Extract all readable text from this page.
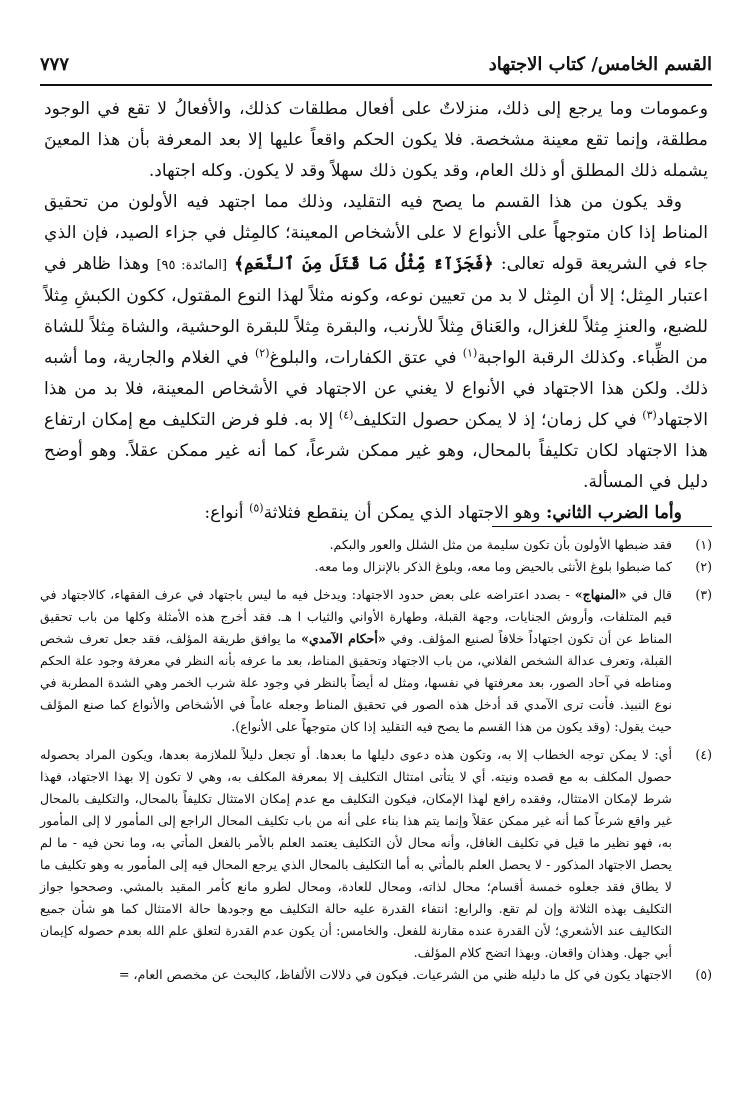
القسم الخامس/ كتاب الاجتهاد
٧٧٧

وعمومات وما يرجع إلى ذلك، منزلاتٌ على أفعال مطلقات كذلك، والأفعالُ لا تقع في الوجود مطلقة، وإنما تقع معينة مشخصة. فلا يكون الحكم واقعاً عليها إلا بعد المعرفة بأن هذا المعينَ يشمله ذلك المطلق أو ذلك العام، وقد يكون ذلك سهلاً وقد لا يكون. وكله اجتهاد.

وقد يكون من هذا القسم ما يصح فيه التقليد، وذلك مما اجتهد فيه الأولون من تحقيق المناط إذا كان متوجهاً على الأنواع لا على الأشخاص المعينة؛ كالمِثل في جزاء الصيد، فإن الذي جاء في الشريعة قوله تعالى: ﴿فَجَزَآءٌ مِّثْلُ مَا قَتَلَ مِنَ ٱلنَّعَمِ﴾ [المائدة: ٩٥] وهذا ظاهر في اعتبار المِثل؛ إلا أن المِثل لا بد من تعيين نوعه، وكونه مثلاً لهذا النوع المقتول، ككون الكبشِ مِثلاً للضبع، والعنزِ مِثلاً للغزال، والعَناق مِثلاً للأرنب، والبقرة مِثلاً للبقرة الوحشية، والشاة مِثلاً للشاة من الظِّباء. وكذلك الرقبة الواجبة$^{(١)}$ في عتق الكفارات، والبلوغ$^{(٢)}$ في الغلام والجارية، وما أشبه ذلك. ولكن هذا الاجتهاد في الأنواع لا يغني عن الاجتهاد في الأشخاص المعينة، فلا بد من هذا الاجتهاد$^{(٣)}$ في كل زمان؛ إذ لا يمكن حصول التكليف$^{(٤)}$ إلا به. فلو فرض التكليف مع إمكان ارتفاع هذا الاجتهاد لكان تكليفاً بالمحال، وهو غير ممكن شرعاً، كما أنه غير ممكن عقلاً. وهو أوضح دليل في المسألة.

وأما الضرب الثاني: وهو الاجتهاد الذي يمكن أن ينقطع فثلاثة$^{(٥)}$ أنواع:

(١)
فقد ضبطها الأولون بأن تكون سليمة من مثل الشلل والعور والبكم.
(٢)
كما ضبطوا بلوغ الأنثى بالحيض وما معه، وبلوغ الذكر بالإنزال وما معه.
(٣)
قال في «المنهاج» - بصدد اعتراضه على بعض حدود الاجتهاد: ويدخل فيه ما ليس باجتهاد في عرف الفقهاء، كالاجتهاد في قيم المتلفات، وأروش الجنايات، وجهة القبلة، وطهارة الأواني والثياب ا هـ. فقد أخرج هذه الأمثلة وكلها من باب تحقيق المناط عن أن تكون اجتهاداً خلافاً لصنيع المؤلف. وفي «أحكام الآمدي» ما يوافق طريقة المؤلف، فقد جعل تعرف شخص القبلة، وتعرف عدالة الشخص الفلاني، من باب الاجتهاد وتحقيق المناط، بعد ما عرفه بأنه النظر في معرفة وجود علة الحكم ومناطه في آحاد الصور، بعد معرفتها في نفسها، ومثل له أيضاً بالنظر في وجود علة شرب الخمر وهي الشدة المطربة في نوع النبيذ. فأنت ترى الآمدي قد أدخل هذه الصور في تحقيق المناط وجعله عاماً في الأشخاص والأنواع كما صنع المؤلف حيث يقول: (وقد يكون من هذا القسم ما يصح فيه التقليد إذا كان متوجهاً على الأنواع).
(٤)
أي: لا يمكن توجه الخطاب إلا به، وتكون هذه دعوى دليلها ما بعدها. أو تجعل دليلاً للملازمة بعدها، ويكون المراد بحصوله حصول المكلف به مع قصده ونيته. أي لا يتأتى امتثال التكليف إلا بمعرفة المكلف به، وهي لا تكون إلا بهذا الاجتهاد، فهذا شرط لإمكان الامتثال، وفقده رافع لهذا الإمكان، فيكون التكليف مع عدم إمكان الامتثال تكليفاً بالمحال، والتكليف بالمحال غير واقع شرعاً كما أنه غير ممكن عقلاً وإنما يتم هذا بناء على أنه من باب تكليف المحال الراجع إلى المأمور لا إلى المأمور به، فهو نظير ما قيل في تكليف الغافل، وأنه محال لأن التكليف يعتمد العلم بالأمر بالفعل المأتي به، وما نحن فيه - ما لم يحصل الاجتهاد المذكور - لا يحصل العلم بالمأتي به أما التكليف بالمحال الذي يرجع المحال فيه إلى المأمور به وهو تكليف ما لا يطاق فقد جعلوه خمسة أقسام؛ محال لذاته، ومحال للعادة، ومحال لطرو مانع كأمر المقيد بالمشي. وصححوا جواز التكليف بهذه الثلاثة وإن لم تقع. والرابع: انتفاء القدرة عليه حالة التكليف مع وجودها حالة الامتثال كما هو شأن جميع التكاليف عند الأشعري؛ لأن القدرة عنده مقارنة للفعل. والخامس: أن يكون عدم القدرة لتعلق علم الله بعدم حصوله كإيمان أبي جهل. وهذان واقعان. وبهذا اتضح كلام المؤلف.
(٥)
الاجتهاد يكون في كل ما دليله ظني من الشرعيات. فيكون في دلالات الألفاظ، كالبحث عن مخصص العام، =
